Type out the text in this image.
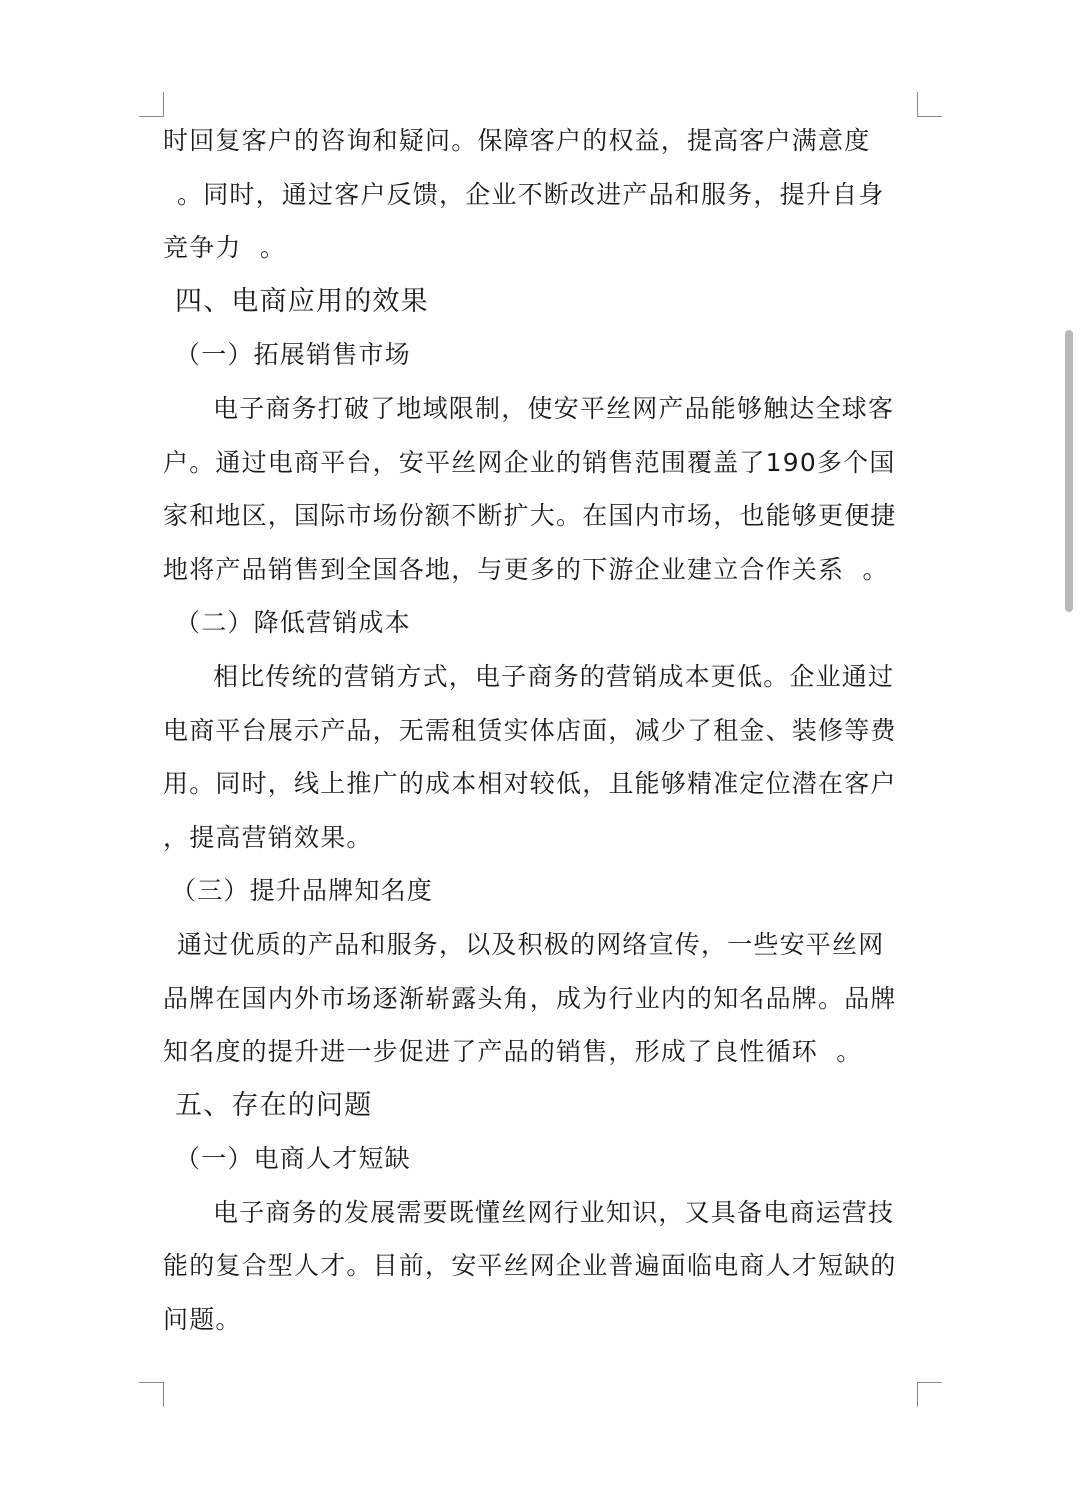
时回复客户的咨询和疑问。保障客户的权益，提高客户满意度
。同时，通过客户反馈，企业不断改进产品和服务，提升自身
竞争力  。
四、电商应用的效果
（一）拓展销售市场
电子商务打破了地域限制，使安平丝网产品能够触达全球客
户。通过电商平台，安平丝网企业的销售范围覆盖了190多个国
家和地区，国际市场份额不断扩大。在国内市场，也能够更便捷
地将产品销售到全国各地，与更多的下游企业建立合作关系  。
（二）降低营销成本
相比传统的营销方式，电子商务的营销成本更低。企业通过
电商平台展示产品，无需租赁实体店面，减少了租金、装修等费
用。同时，线上推广的成本相对较低，且能够精准定位潜在客户
，提高营销效果。
（三）提升品牌知名度
通过优质的产品和服务，以及积极的网络宣传，一些安平丝网
品牌在国内外市场逐渐崭露头角，成为行业内的知名品牌。品牌
知名度的提升进一步促进了产品的销售，形成了良性循环  。
五、存在的问题
（一）电商人才短缺
电子商务的发展需要既懂丝网行业知识，又具备电商运营技
能的复合型人才。目前，安平丝网企业普遍面临电商人才短缺的
问题。
